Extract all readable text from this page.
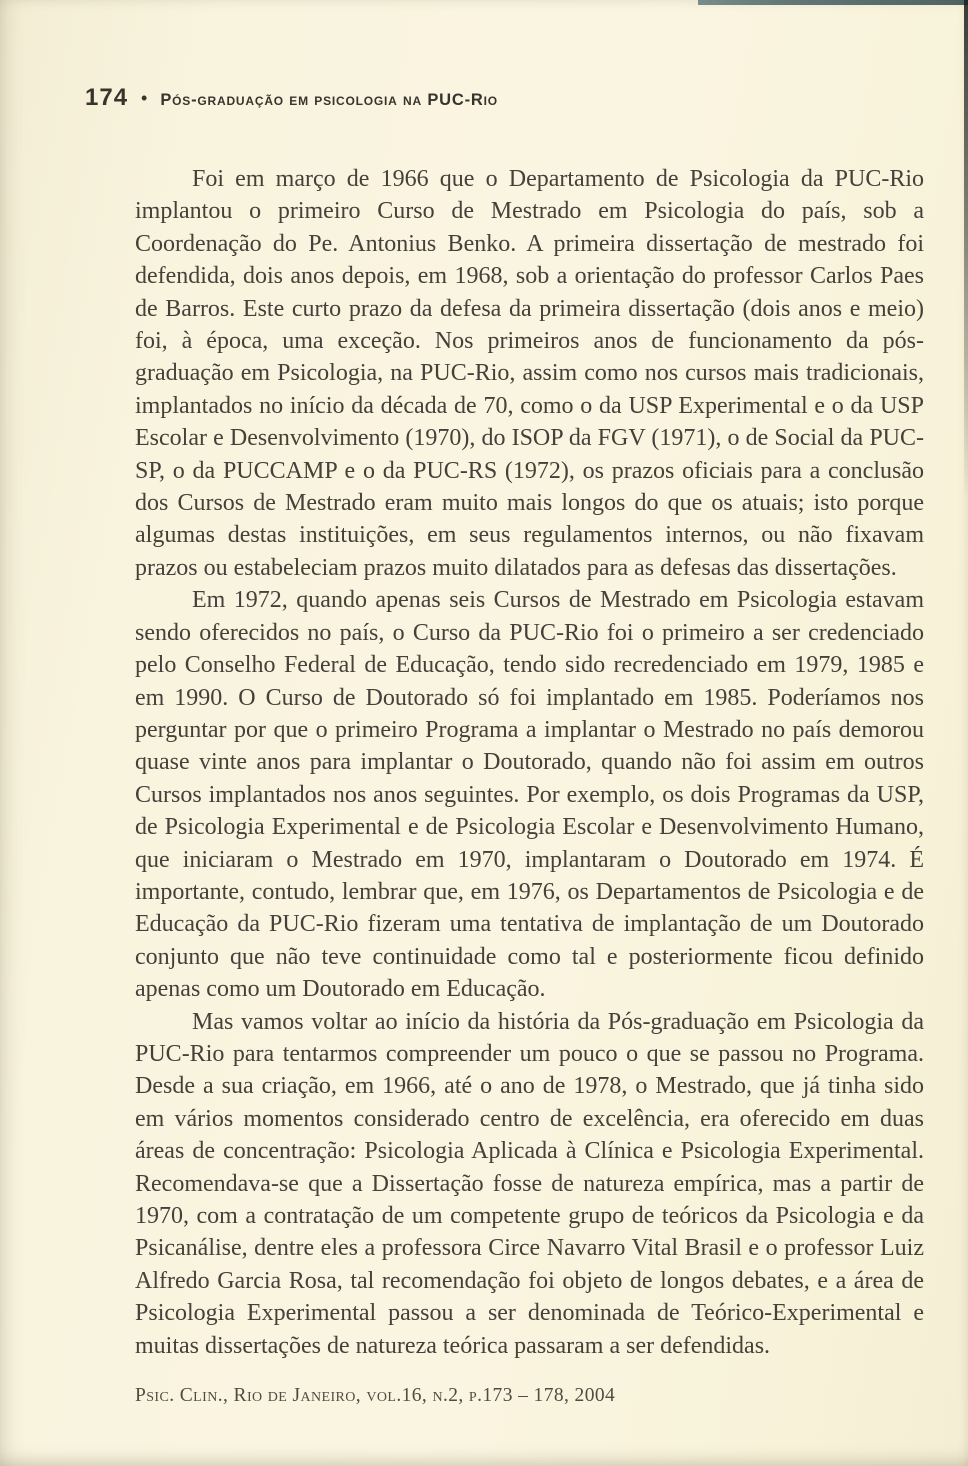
174 • Pós-graduação em psicologia na PUC-Rio

Foi em março de 1966 que o Departamento de Psicologia da PUC-Rio implantou o primeiro Curso de Mestrado em Psicologia do país, sob a Coordenação do Pe. Antonius Benko. A primeira dissertação de mestrado foi defendida, dois anos depois, em 1968, sob a orientação do professor Carlos Paes de Barros. Este curto prazo da defesa da primeira dissertação (dois anos e meio) foi, à época, uma exceção. Nos primeiros anos de funcionamento da pós-graduação em Psicologia, na PUC-Rio, assim como nos cursos mais tradicionais, implantados no início da década de 70, como o da USP Experimental e o da USP Escolar e Desenvolvimento (1970), do ISOP da FGV (1971), o de Social da PUC-SP, o da PUCCAMP e o da PUC-RS (1972), os prazos oficiais para a conclusão dos Cursos de Mestrado eram muito mais longos do que os atuais; isto porque algumas destas instituições, em seus regulamentos internos, ou não fixavam prazos ou estabeleciam prazos muito dilatados para as defesas das dissertações.

Em 1972, quando apenas seis Cursos de Mestrado em Psicologia estavam sendo oferecidos no país, o Curso da PUC-Rio foi o primeiro a ser credenciado pelo Conselho Federal de Educação, tendo sido recredenciado em 1979, 1985 e em 1990. O Curso de Doutorado só foi implantado em 1985. Poderíamos nos perguntar por que o primeiro Programa a implantar o Mestrado no país demorou quase vinte anos para implantar o Doutorado, quando não foi assim em outros Cursos implantados nos anos seguintes. Por exemplo, os dois Programas da USP, de Psicologia Experimental e de Psicologia Escolar e Desenvolvimento Humano, que iniciaram o Mestrado em 1970, implantaram o Doutorado em 1974. É importante, contudo, lembrar que, em 1976, os Departamentos de Psicologia e de Educação da PUC-Rio fizeram uma tentativa de implantação de um Doutorado conjunto que não teve continuidade como tal e posteriormente ficou definido apenas como um Doutorado em Educação.

Mas vamos voltar ao início da história da Pós-graduação em Psicologia da PUC-Rio para tentarmos compreender um pouco o que se passou no Programa. Desde a sua criação, em 1966, até o ano de 1978, o Mestrado, que já tinha sido em vários momentos considerado centro de excelência, era oferecido em duas áreas de concentração: Psicologia Aplicada à Clínica e Psicologia Experimental. Recomendava-se que a Dissertação fosse de natureza empírica, mas a partir de 1970, com a contratação de um competente grupo de teóricos da Psicologia e da Psicanálise, dentre eles a professora Circe Navarro Vital Brasil e o professor Luiz Alfredo Garcia Rosa, tal recomendação foi objeto de longos debates, e a área de Psicologia Experimental passou a ser denominada de Teórico-Experimental e muitas dissertações de natureza teórica passaram a ser defendidas.

Psic. Clin., Rio de Janeiro, vol.16, n.2, p.173 – 178, 2004
